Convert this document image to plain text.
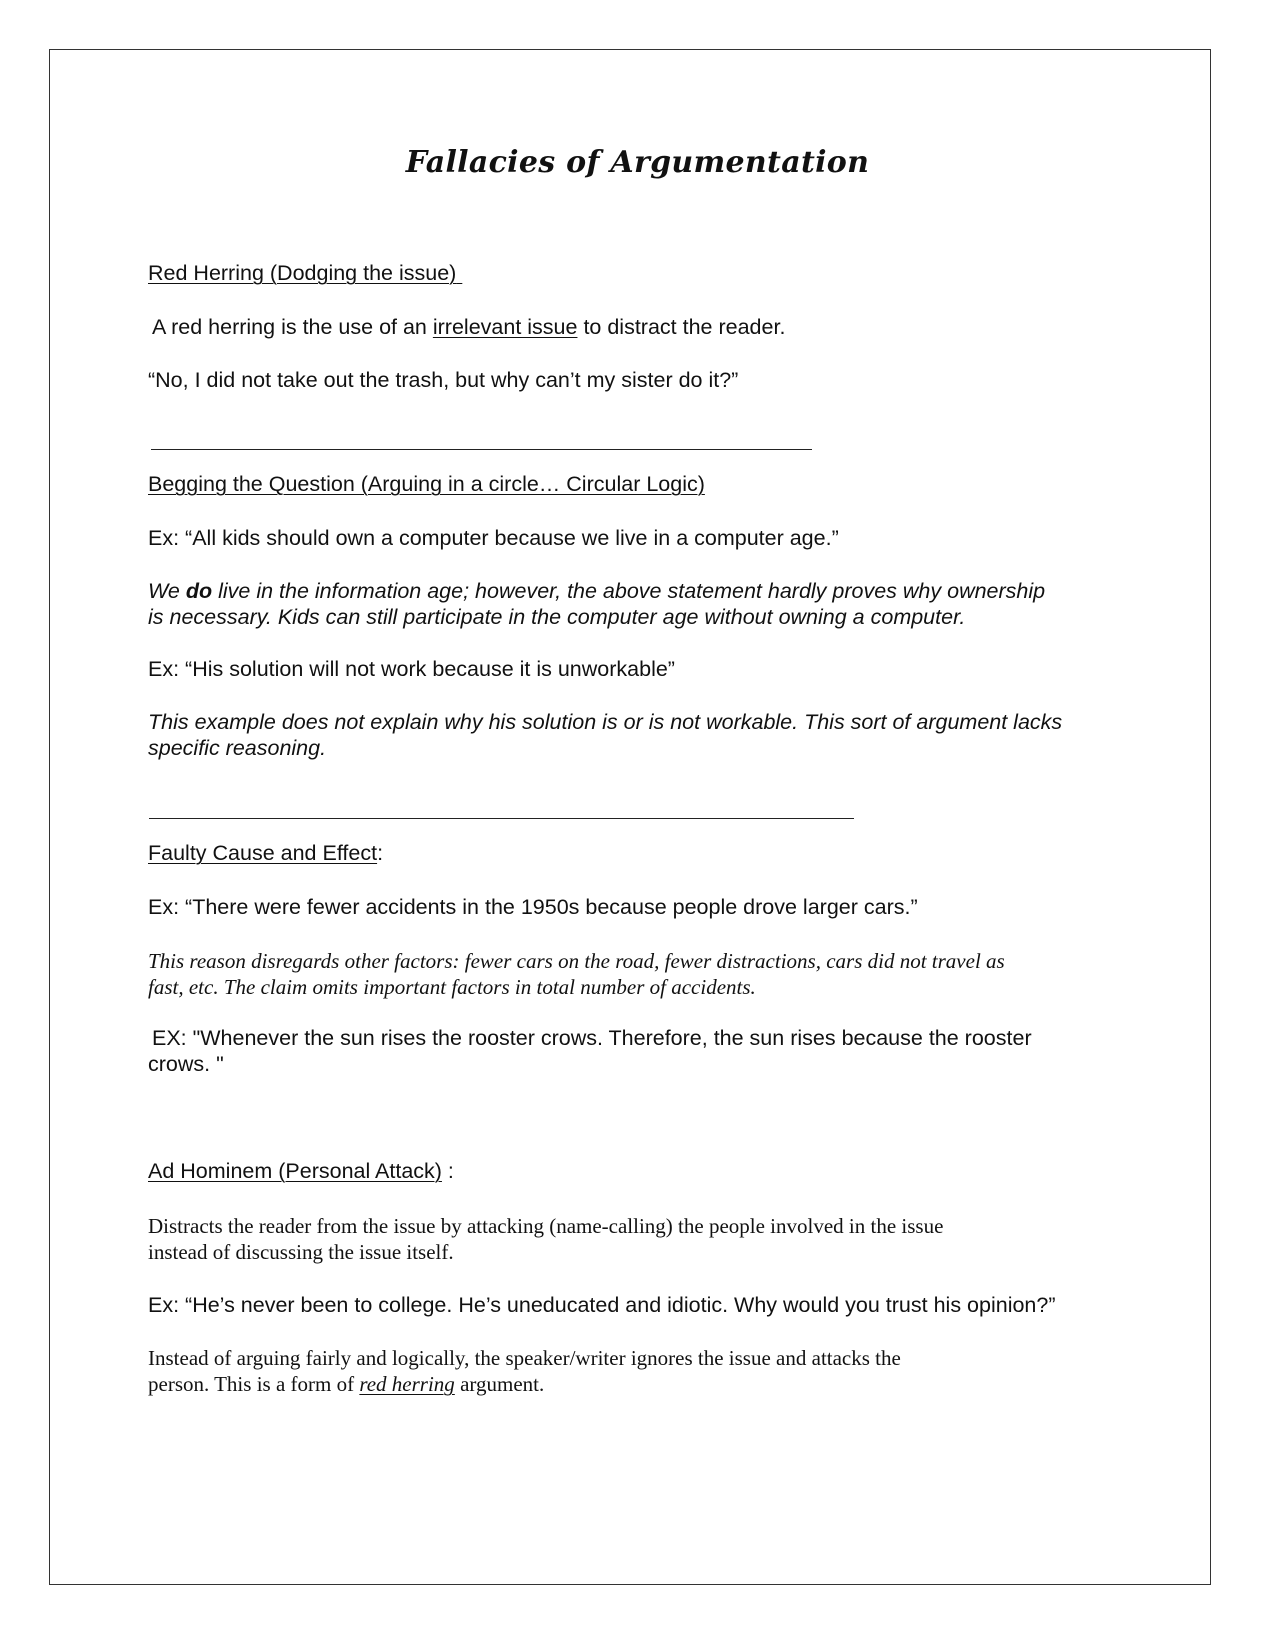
Fallacies of Argumentation
Red Herring (Dodging the issue)
A red herring is the use of an irrelevant issue to distract the reader.
“No, I did not take out the trash, but why can’t my sister do it?”
Begging the Question (Arguing in a circle… Circular Logic)
Ex: “All kids should own a computer because we live in a computer age.”
We do live in the information age; however, the above statement hardly proves why ownership
is necessary. Kids can still participate in the computer age without owning a computer.
Ex: “His solution will not work because it is unworkable”
This example does not explain why his solution is or is not workable. This sort of argument lacks
specific reasoning.
Faulty Cause and Effect:
Ex: “There were fewer accidents in the 1950s because people drove larger cars.”
This reason disregards other factors: fewer cars on the road, fewer distractions, cars did not travel as
fast, etc. The claim omits important factors in total number of accidents.
EX: "Whenever the sun rises the rooster crows. Therefore, the sun rises because the rooster
crows. "
Ad Hominem (Personal Attack) :
Distracts the reader from the issue by attacking (name-calling) the people involved in the issue
instead of discussing the issue itself.
Ex: “He’s never been to college. He’s uneducated and idiotic. Why would you trust his opinion?”
Instead of arguing fairly and logically, the speaker/writer ignores the issue and attacks the
person. This is a form of red herring argument.
